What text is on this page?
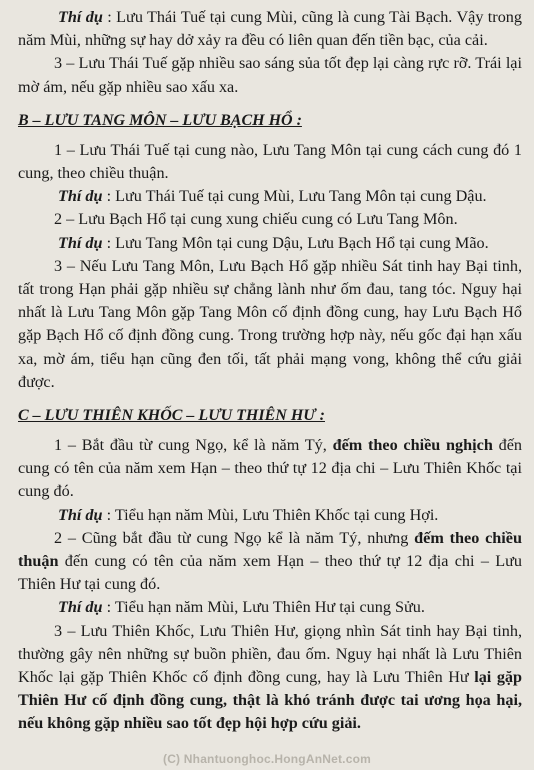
Thí dụ : Lưu Thái Tuế tại cung Mùi, cũng là cung Tài Bạch. Vậy trong năm Mùi, những sự hay dở xảy ra đều có liên quan đến tiền bạc, của cải.

3 – Lưu Thái Tuế gặp nhiều sao sáng sủa tốt đẹp lại càng rực rỡ. Trái lại mờ ám, nếu gặp nhiều sao xấu xa.

B – LƯU TANG MÔN – LƯU BẠCH HỔ :

1 – Lưu Thái Tuế tại cung nào, Lưu Tang Môn tại cung cách cung đó 1 cung, theo chiều thuận.

Thí dụ : Lưu Thái Tuế tại cung Mùi, Lưu Tang Môn tại cung Dậu.

2 – Lưu Bạch Hổ tại cung xung chiếu cung có Lưu Tang Môn.

Thí dụ : Lưu Tang Môn tại cung Dậu, Lưu Bạch Hổ tại cung Mão.

3 – Nếu Lưu Tang Môn, Lưu Bạch Hổ gặp nhiều Sát tinh hay Bại tinh, tất trong Hạn phải gặp nhiều sự chẳng lành như ốm đau, tang tóc. Nguy hại nhất là Lưu Tang Môn gặp Tang Môn cố định đồng cung, hay Lưu Bạch Hổ gặp Bạch Hổ cố định đồng cung. Trong trường hợp này, nếu gốc đại hạn xấu xa, mờ ám, tiểu hạn cũng đen tối, tất phải mạng vong, không thể cứu giải được.

C – LƯU THIÊN KHỐC – LƯU THIÊN HƯ :

1 – Bắt đầu từ cung Ngọ, kể là năm Tý, đếm theo chiều nghịch đến cung có tên của năm xem Hạn – theo thứ tự 12 địa chi – Lưu Thiên Khốc tại cung đó.

Thí dụ : Tiểu hạn năm Mùi, Lưu Thiên Khốc tại cung Hợi.

2 – Cũng bắt đầu từ cung Ngọ kể là năm Tý, nhưng đếm theo chiều thuận đến cung có tên của năm xem Hạn – theo thứ tự 12 địa chi – Lưu Thiên Hư tại cung đó.

Thí dụ : Tiểu hạn năm Mùi, Lưu Thiên Hư tại cung Sửu.

3 – Lưu Thiên Khốc, Lưu Thiên Hư, giọng nhìn Sát tinh hay Bại tinh, thường gây nên những sự buồn phiền, đau ốm. Nguy hại nhất là Lưu Thiên Khốc lại gặp Thiên Khốc cố định đồng cung, hay là Lưu Thiên Hư lại gặp Thiên Hư cố định đồng cung, thật là khó tránh được tai ương họa hại, nếu không gặp nhiều sao tốt đẹp hội hợp cứu giải.

(C) Nhantuonghoc.HongAnNet.com
